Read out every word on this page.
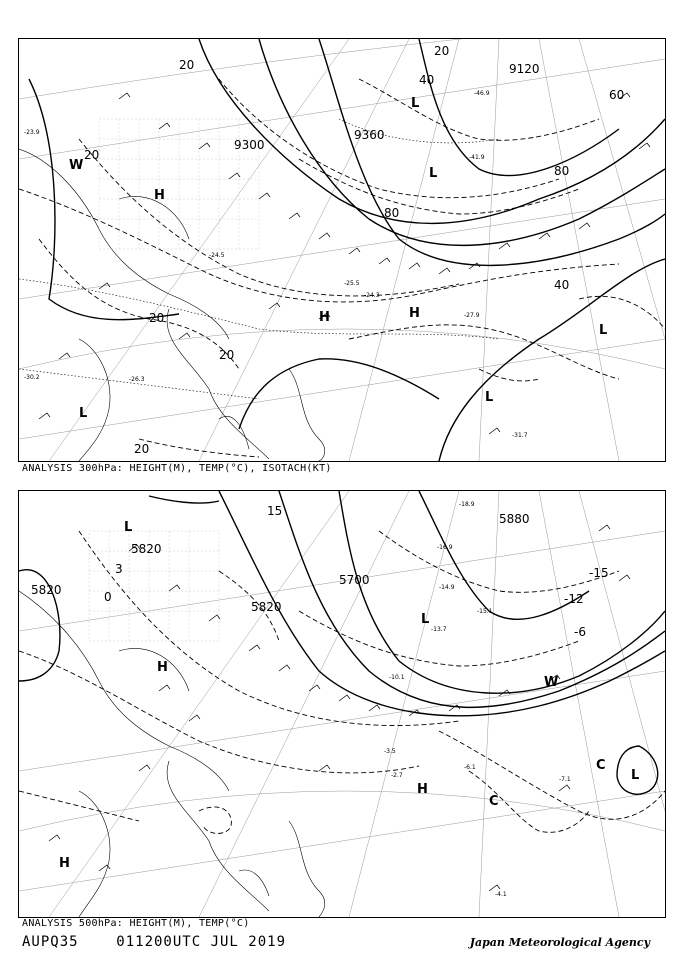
9120
9360
9300
20
20
20
20
20
40
40
60
80
80
20
H
H
H
L
L
L
L
L
W
-23.9
-24.5
-24.3
-27.9
-25.5
-26.3
-41.9
-46.9
-30.2
-31.7
ANALYSIS 300hPa: HEIGHT(M), TEMP(°C), ISOTACH(KT)
5820
5820
5820
5700
5880
15
0
3
-12
-15
-6
L
L
L
H
H
H
C
C
W
-14.9
-15.1
-13.7
-10.1
-7.1
-3.5
-2.7
-6.1
-4.1
-16.9
-18.9
ANALYSIS 500hPa: HEIGHT(M), TEMP(°C)
AUPQ35    011200UTC JUL 2019	Japan Meteorological Agency
